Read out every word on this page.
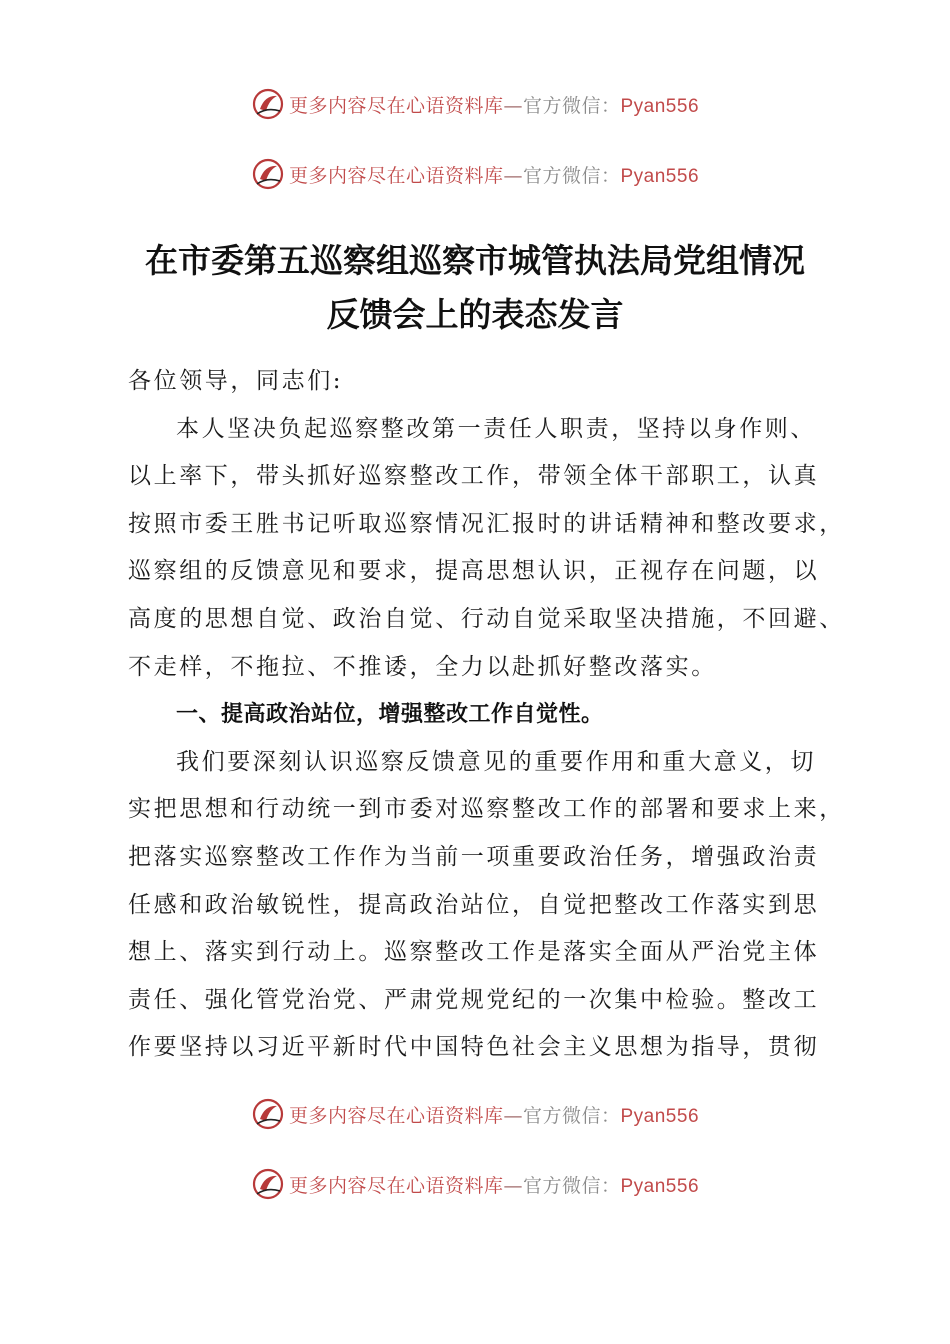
更多内容尽在心语资料库—官方微信：Pyan556
更多内容尽在心语资料库—官方微信：Pyan556
在市委第五巡察组巡察市城管执法局党组情况
反馈会上的表态发言
各位领导，同志们:
本人坚决负起巡察整改第一责任人职责，坚持以身作则、
以上率下，带头抓好巡察整改工作，带领全体干部职工，认真
按照市委王胜书记听取巡察情况汇报时的讲话精神和整改要求，
巡察组的反馈意见和要求，提高思想认识，正视存在问题，以
高度的思想自觉、政治自觉、行动自觉采取坚决措施，不回避、
不走样，不拖拉、不推诿，全力以赴抓好整改落实。
一、提高政治站位，增强整改工作自觉性。
我们要深刻认识巡察反馈意见的重要作用和重大意义，切
实把思想和行动统一到市委对巡察整改工作的部署和要求上来，
把落实巡察整改工作作为当前一项重要政治任务，增强政治责
任感和政治敏锐性，提高政治站位，自觉把整改工作落实到思
想上、落实到行动上。巡察整改工作是落实全面从严治党主体
责任、强化管党治党、严肃党规党纪的一次集中检验。整改工
作要坚持以习近平新时代中国特色社会主义思想为指导，贯彻
更多内容尽在心语资料库—官方微信：Pyan556
更多内容尽在心语资料库—官方微信：Pyan556
